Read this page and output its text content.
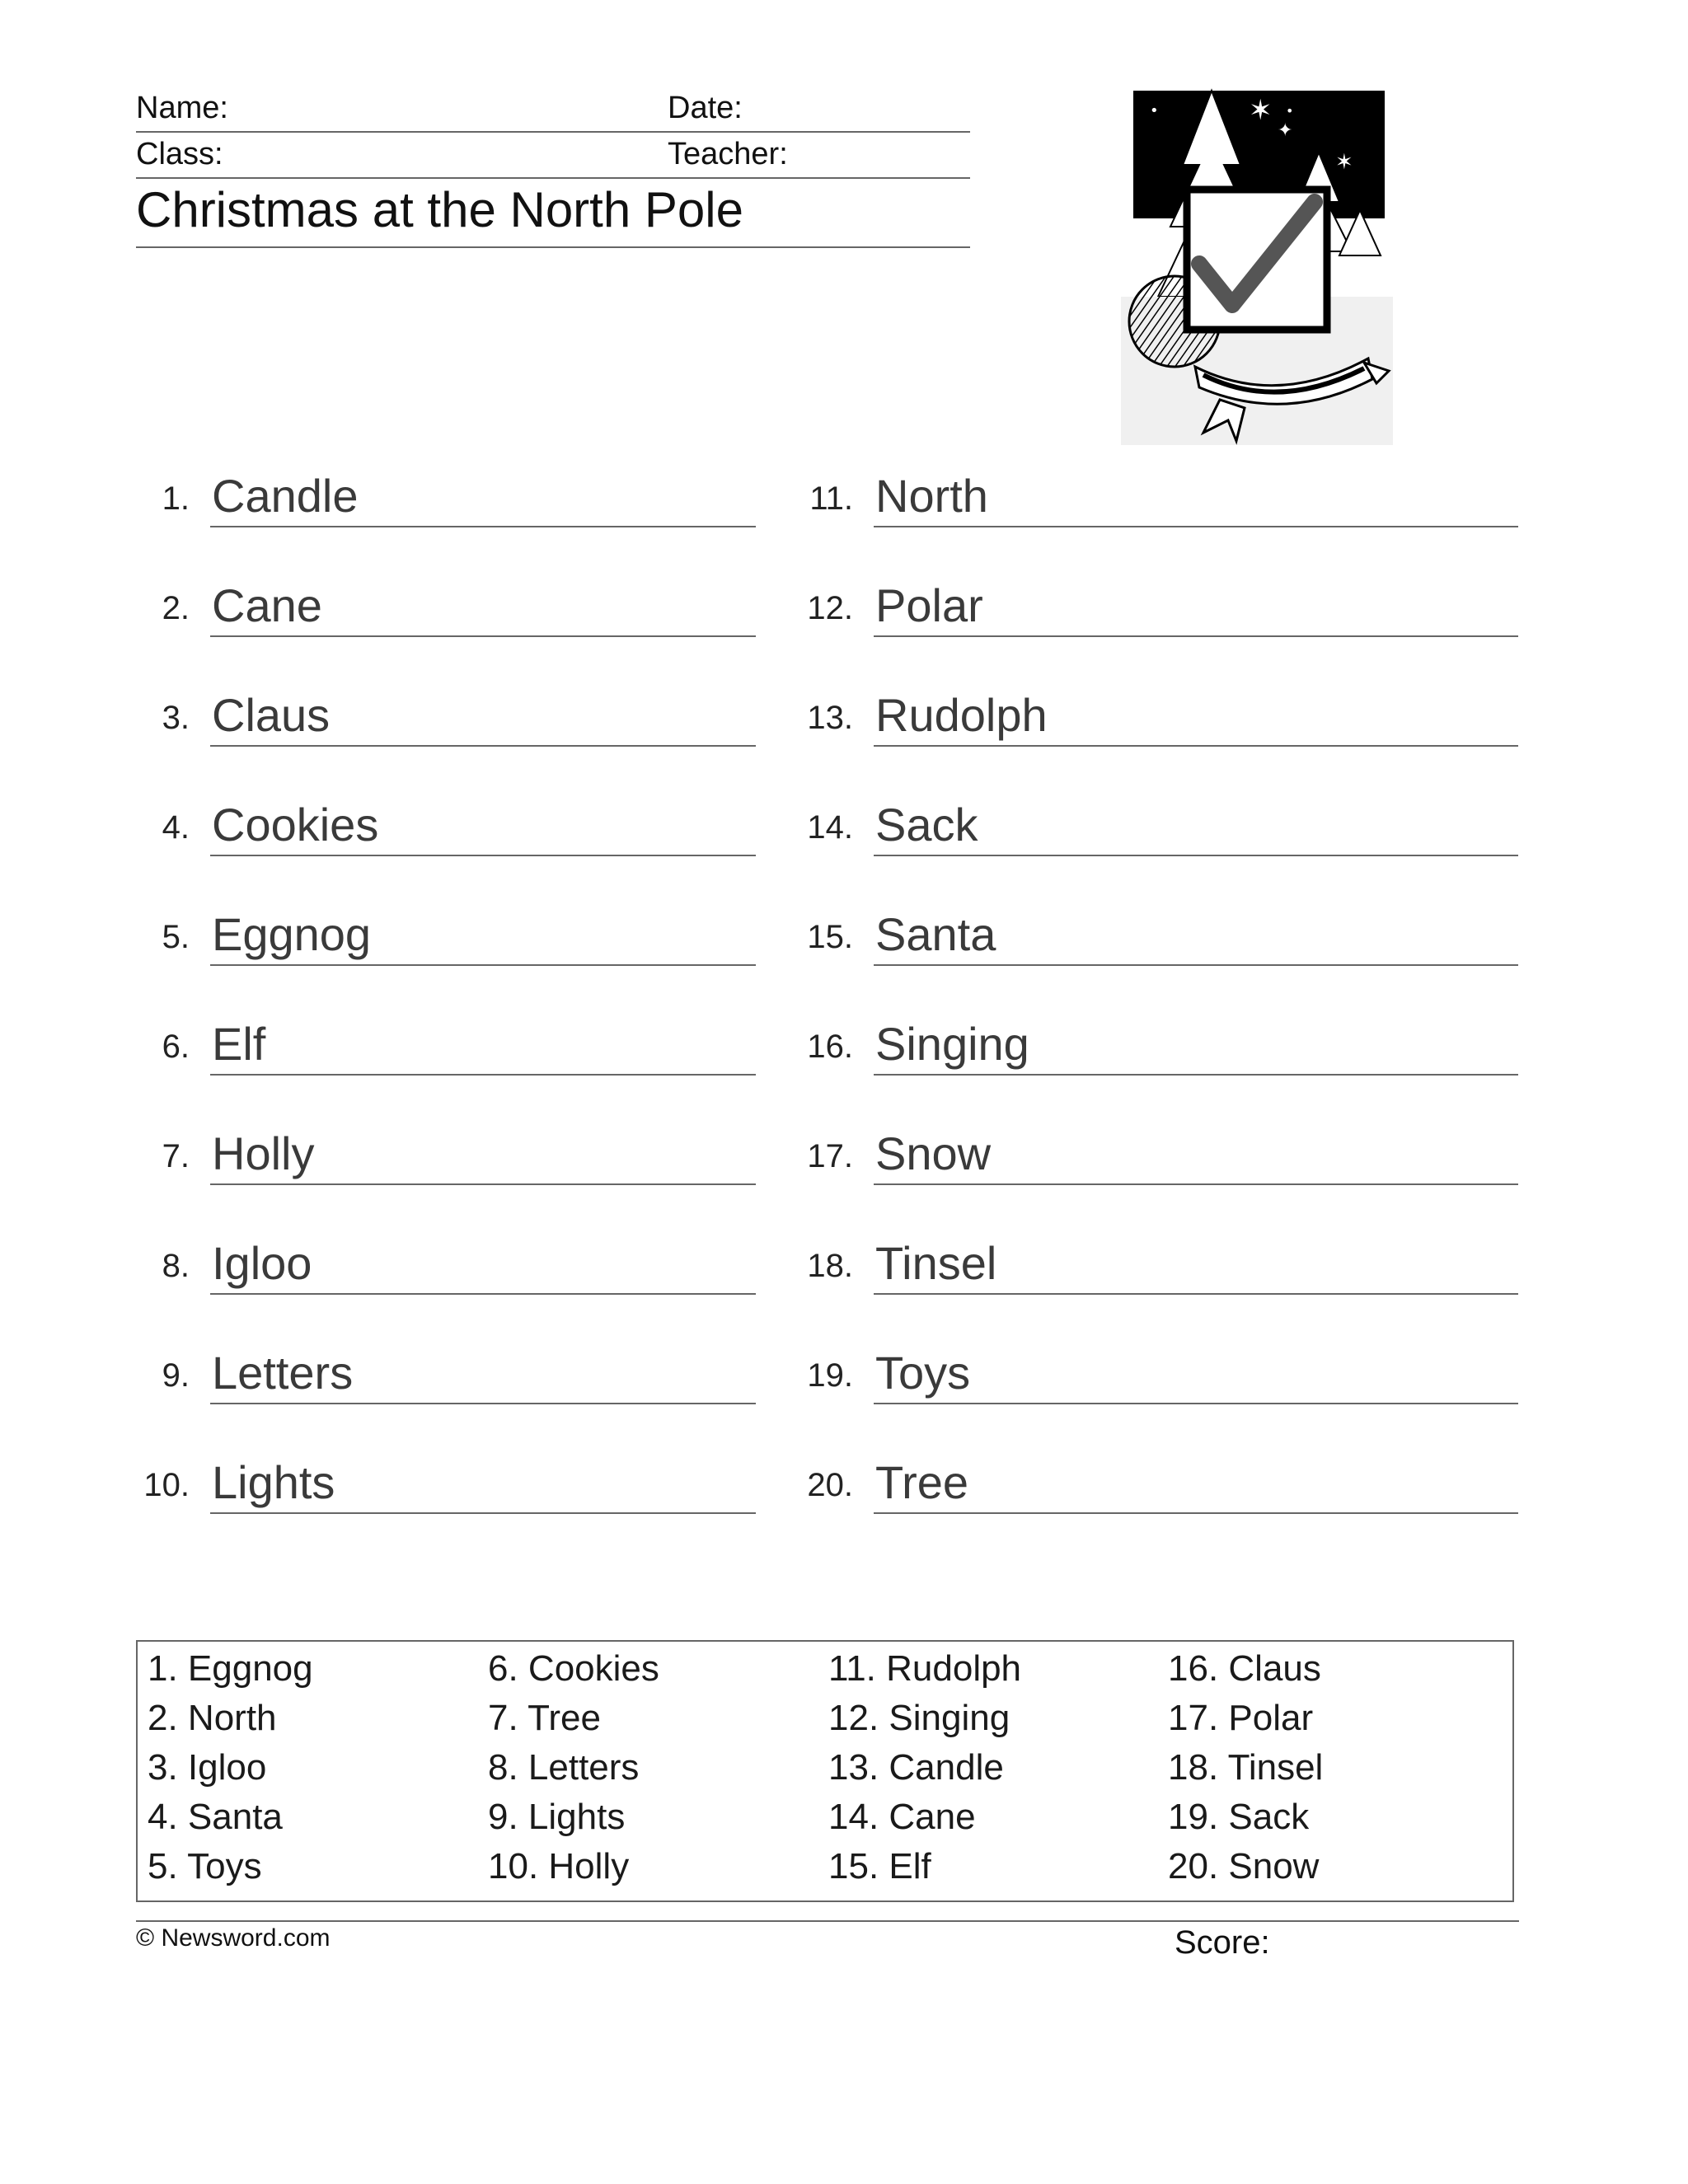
Name:	Date:
Class:	Teacher:
Christmas at the North Pole
✶
✦
✶
•	•
1. Candle
2. Cane
3. Claus
4. Cookies
5. Eggnog
6. Elf
7. Holly
8. Igloo
9. Letters
10. Lights
11. North
12. Polar
13. Rudolph
14. Sack
15. Santa
16. Singing
17. Snow
18. Tinsel
19. Toys
20. Tree
1. Eggnog
2. North
3. Igloo
4. Santa
5. Toys
6. Cookies
7. Tree
8. Letters
9. Lights
10. Holly
11. Rudolph
12. Singing
13. Candle
14. Cane
15. Elf
16. Claus
17. Polar
18. Tinsel
19. Sack
20. Snow
© Newsword.com	Score:
